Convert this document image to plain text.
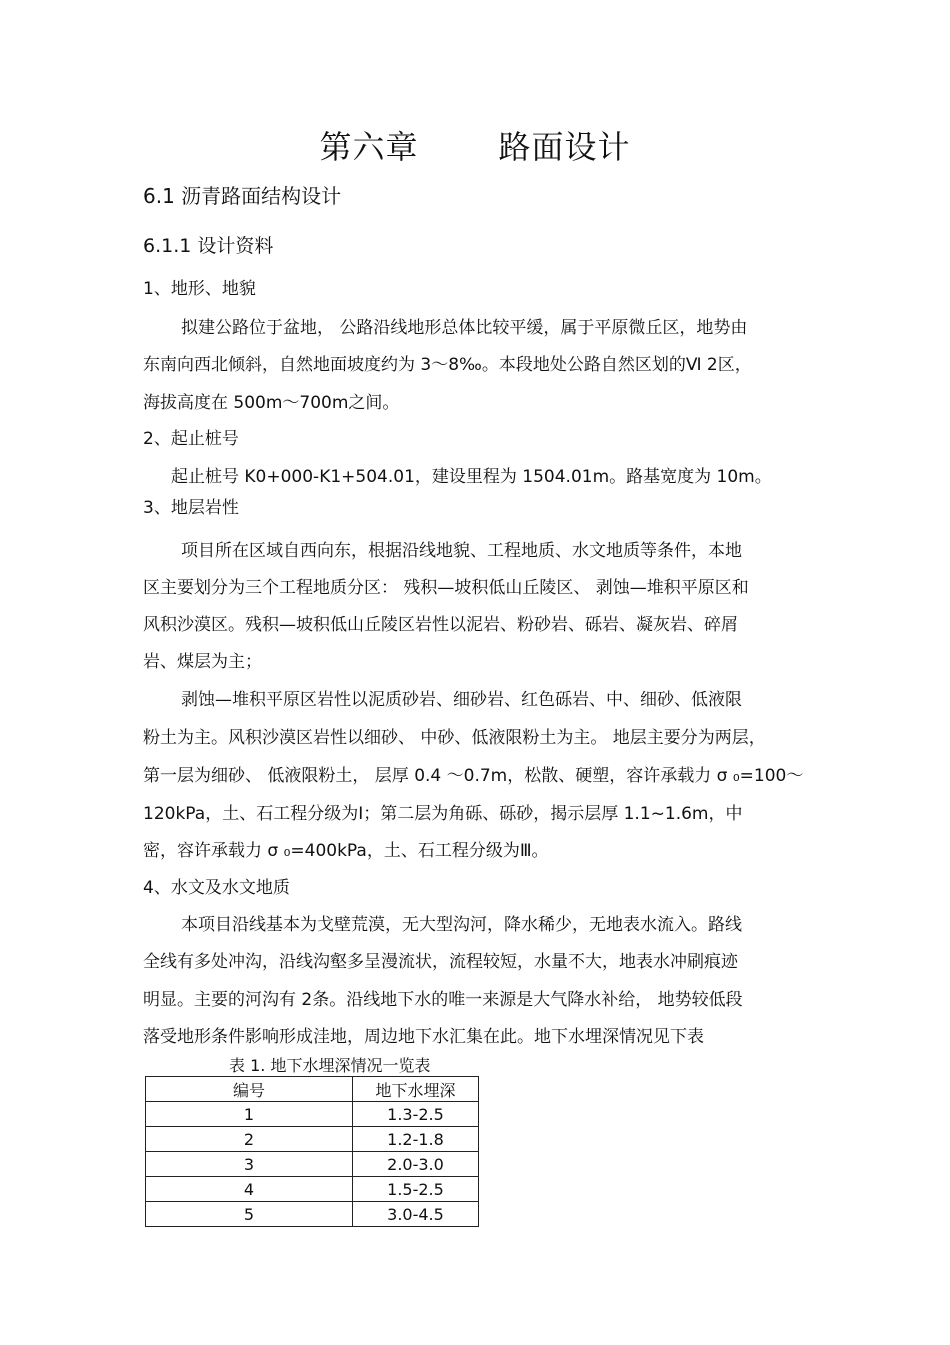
第六章	路面设计
6.1 沥青路面结构设计
6.1.1 设计资料
1、地形、地貌
拟建公路位于盆地， 公路沿线地形总体比较平缓，属于平原微丘区，地势由
东南向西北倾斜，自然地面坡度约为 3～8‰。本段地处公路自然区划的Ⅵ 2区，
海拔高度在 500m～700m之间。
2、起止桩号
起止桩号 K0+000-K1+504.01，建设里程为 1504.01m。路基宽度为 10m。
3、地层岩性
项目所在区域自西向东，根据沿线地貌、工程地质、水文地质等条件，本地
区主要划分为三个工程地质分区： 残积—坡积低山丘陵区、 剥蚀—堆积平原区和
风积沙漠区。残积—坡积低山丘陵区岩性以泥岩、粉砂岩、砾岩、凝灰岩、碎屑
岩、煤层为主；
剥蚀—堆积平原区岩性以泥质砂岩、细砂岩、红色砾岩、中、细砂、低液限
粉土为主。风积沙漠区岩性以细砂、 中砂、低液限粉土为主。 地层主要分为两层，
第一层为细砂、 低液限粉土， 层厚 0.4 ～0.7m，松散、硬塑，容许承载力 σ ₀=100～
120kPa，土、石工程分级为Ⅰ；第二层为角砾、砾砂，揭示层厚 1.1~1.6m，中
密，容许承载力 σ ₀=400kPa，土、石工程分级为Ⅲ。
4、水文及水文地质
本项目沿线基本为戈壁荒漠，无大型沟河，降水稀少，无地表水流入。路线
全线有多处冲沟，沿线沟壑多呈漫流状，流程较短，水量不大，地表水冲刷痕迹
明显。主要的河沟有 2条。沿线地下水的唯一来源是大气降水补给， 地势较低段
落受地形条件影响形成洼地，周边地下水汇集在此。地下水埋深情况见下表
表 1. 地下水埋深情况一览表
编号	地下水埋深
1	1.3-2.5
2	1.2-1.8
3	2.0-3.0
4	1.5-2.5
5	3.0-4.5
